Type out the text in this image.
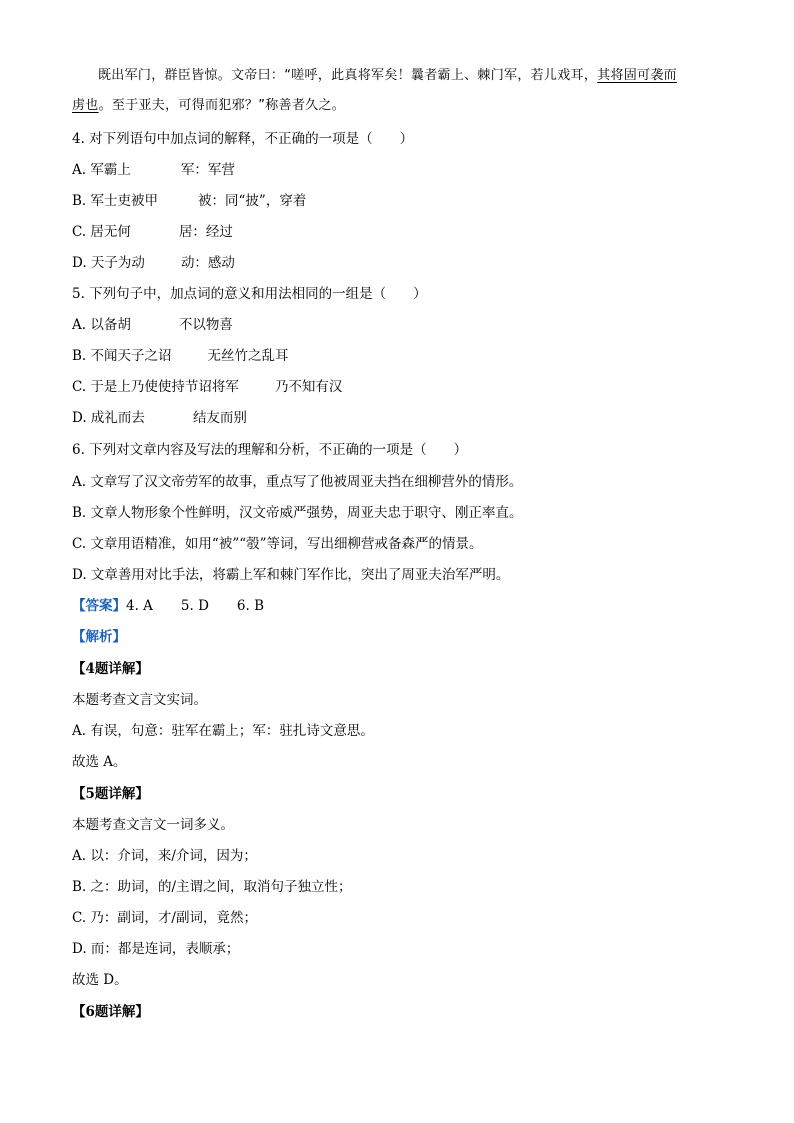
既出军门，群臣皆惊。文帝曰：“嗟呼，此真将军矣！曩者霸上、棘门军，若儿戏耳，其将固可袭而
虏也。至于亚夫，可得而犯邪？”称善者久之。
4. 对下列语句中加点词的解释，不正确的一项是（　　）
A. 军霸上	军：军营
B. 军士吏被甲	被：同“披”，穿着
C. 居无何	居：经过
D. 天子为动	动：感动
5. 下列句子中，加点词的意义和用法相同的一组是（　　）
A. 以备胡	不以物喜
B. 不闻天子之诏	无丝竹之乱耳
C. 于是上乃使使持节诏将军	乃不知有汉
D. 成礼而去	结友而别
6. 下列对文章内容及写法的理解和分析，不正确的一项是（　　）
A. 文章写了汉文帝劳军的故事，重点写了他被周亚夫挡在细柳营外的情形。
B. 文章人物形象个性鲜明，汉文帝威严强势，周亚夫忠于职守、刚正率直。
C. 文章用语精准，如用“被”“彀”等词，写出细柳营戒备森严的情景。
D. 文章善用对比手法，将霸上军和棘门军作比，突出了周亚夫治军严明。
【答案】4. A 5. D 6. B
【解析】
【4题详解】
本题考查文言文实词。
A. 有误，句意：驻军在霸上；军：驻扎诗文意思。
故选 A。
【5题详解】
本题考查文言文一词多义。
A. 以：介词，来/介词，因为；
B. 之：助词，的/主谓之间，取消句子独立性；
C. 乃：副词，才/副词，竟然；
D. 而：都是连词，表顺承；
故选 D。
【6题详解】
